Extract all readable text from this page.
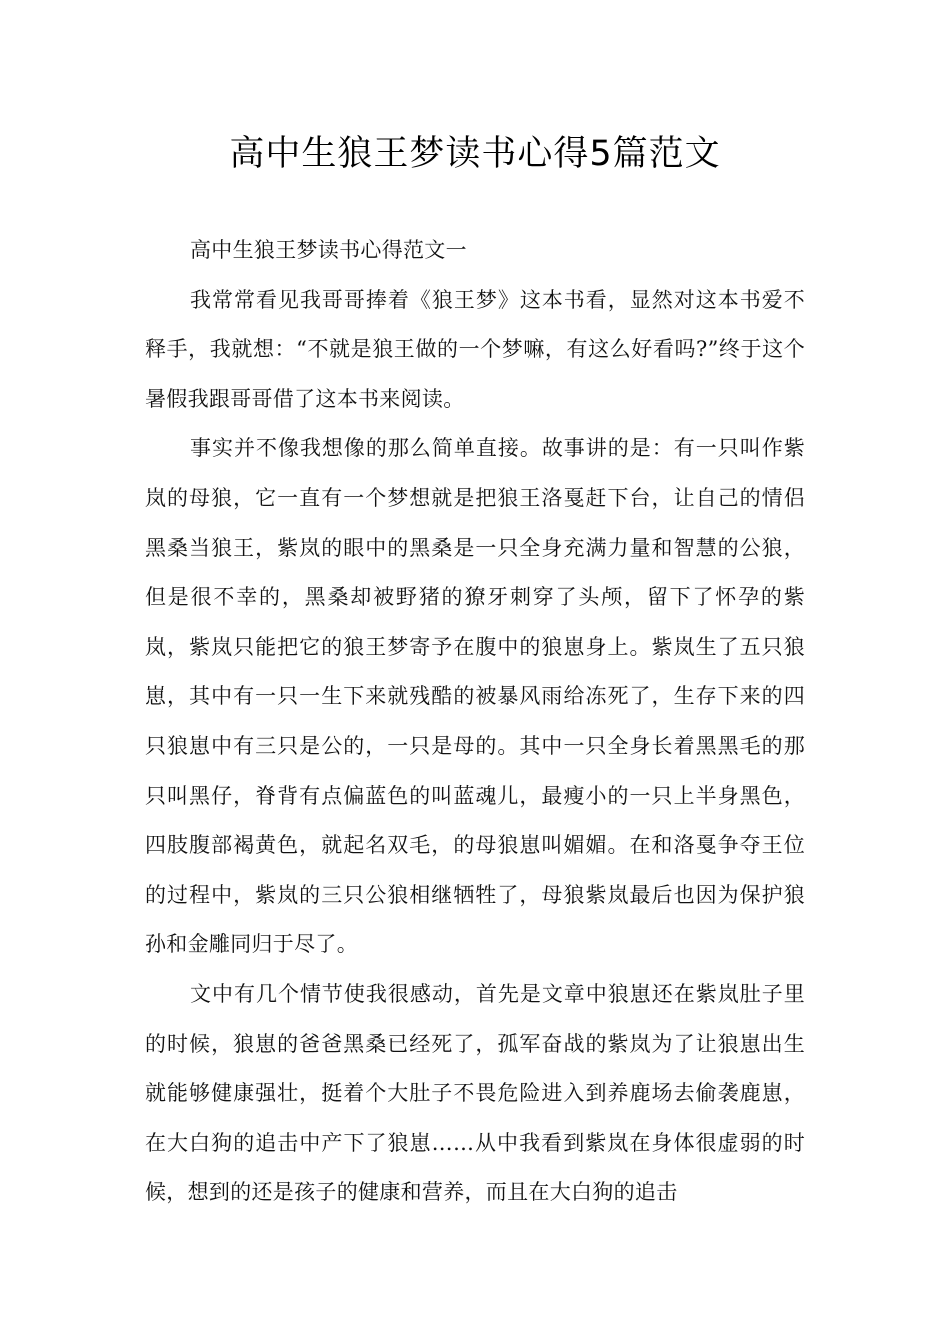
高中生狼王梦读书心得5篇范文

高中生狼王梦读书心得范文一

我常常看见我哥哥捧着《狼王梦》这本书看，显然对这本书爱不释手，我就想：“不就是狼王做的一个梦嘛，有这么好看吗?”终于这个暑假我跟哥哥借了这本书来阅读。

事实并不像我想像的那么简单直接。故事讲的是：有一只叫作紫岚的母狼，它一直有一个梦想就是把狼王洛戛赶下台，让自己的情侣黑桑当狼王，紫岚的眼中的黑桑是一只全身充满力量和智慧的公狼，但是很不幸的，黑桑却被野猪的獠牙刺穿了头颅，留下了怀孕的紫岚，紫岚只能把它的狼王梦寄予在腹中的狼崽身上。紫岚生了五只狼崽，其中有一只一生下来就残酷的被暴风雨给冻死了，生存下来的四只狼崽中有三只是公的，一只是母的。其中一只全身长着黑黑毛的那只叫黑仔，脊背有点偏蓝色的叫蓝魂儿，最瘦小的一只上半身黑色，四肢腹部褐黄色，就起名双毛，的母狼崽叫媚媚。在和洛戛争夺王位的过程中，紫岚的三只公狼相继牺牲了，母狼紫岚最后也因为保护狼孙和金雕同归于尽了。

文中有几个情节使我很感动，首先是文章中狼崽还在紫岚肚子里的时候，狼崽的爸爸黑桑已经死了，孤军奋战的紫岚为了让狼崽出生就能够健康强壮，挺着个大肚子不畏危险进入到养鹿场去偷袭鹿崽，在大白狗的追击中产下了狼崽……从中我看到紫岚在身体很虚弱的时候，想到的还是孩子的健康和营养，而且在大白狗的追击
